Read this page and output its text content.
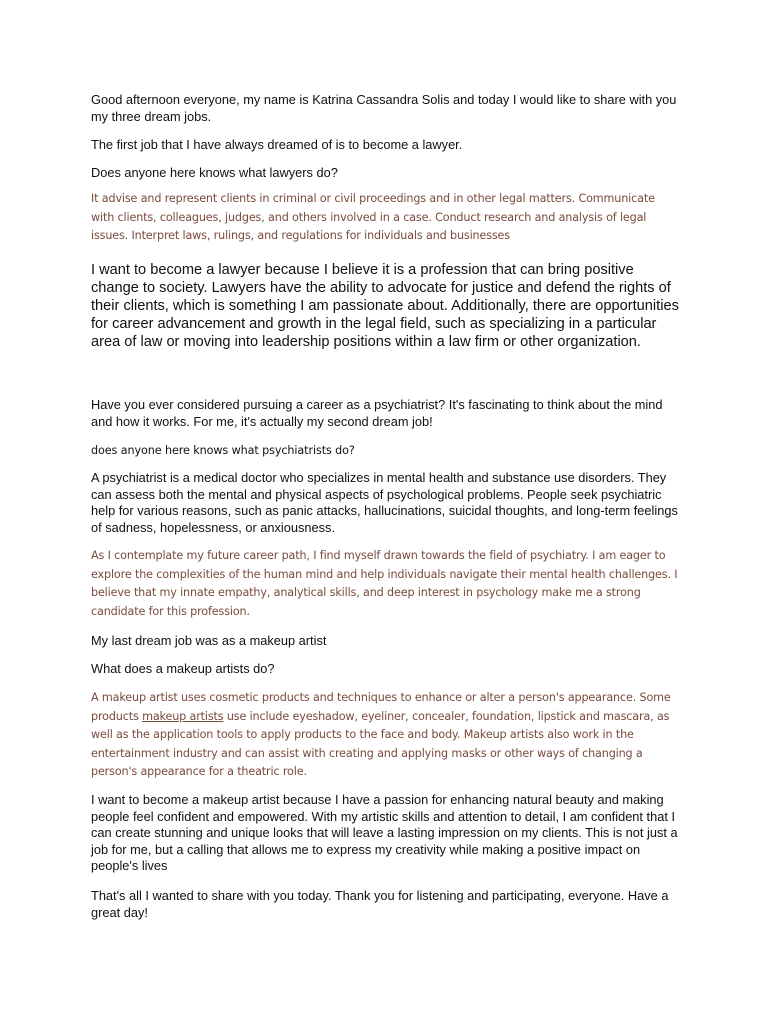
Good afternoon everyone, my name is Katrina Cassandra Solis and today I would like to share with you my three dream jobs.

The first job that I have always dreamed of is to become a lawyer.

Does anyone here knows what lawyers do?

It advise and represent clients in criminal or civil proceedings and in other legal matters. Communicate with clients, colleagues, judges, and others involved in a case. Conduct research and analysis of legal issues. Interpret laws, rulings, and regulations for individuals and businesses

I want to become a lawyer because I believe it is a profession that can bring positive change to society. Lawyers have the ability to advocate for justice and defend the rights of their clients, which is something I am passionate about. Additionally, there are opportunities for career advancement and growth in the legal field, such as specializing in a particular area of law or moving into leadership positions within a law firm or other organization.

Have you ever considered pursuing a career as a psychiatrist? It's fascinating to think about the mind and how it works. For me, it's actually my second dream job!

does anyone here knows what psychiatrists do?

A psychiatrist is a medical doctor who specializes in mental health and substance use disorders. They can assess both the mental and physical aspects of psychological problems. People seek psychiatric help for various reasons, such as panic attacks, hallucinations, suicidal thoughts, and long-term feelings of sadness, hopelessness, or anxiousness.

As I contemplate my future career path, I find myself drawn towards the field of psychiatry. I am eager to explore the complexities of the human mind and help individuals navigate their mental health challenges. I believe that my innate empathy, analytical skills, and deep interest in psychology make me a strong candidate for this profession.

My last dream job was as a makeup artist

What does a makeup artists do?

A makeup artist uses cosmetic products and techniques to enhance or alter a person's appearance. Some products makeup artists use include eyeshadow, eyeliner, concealer, foundation, lipstick and mascara, as well as the application tools to apply products to the face and body. Makeup artists also work in the entertainment industry and can assist with creating and applying masks or other ways of changing a person's appearance for a theatric role.

I want to become a makeup artist because I have a passion for enhancing natural beauty and making people feel confident and empowered. With my artistic skills and attention to detail, I am confident that I can create stunning and unique looks that will leave a lasting impression on my clients. This is not just a job for me, but a calling that allows me to express my creativity while making a positive impact on people's lives

That's all I wanted to share with you today. Thank you for listening and participating, everyone. Have a great day!
